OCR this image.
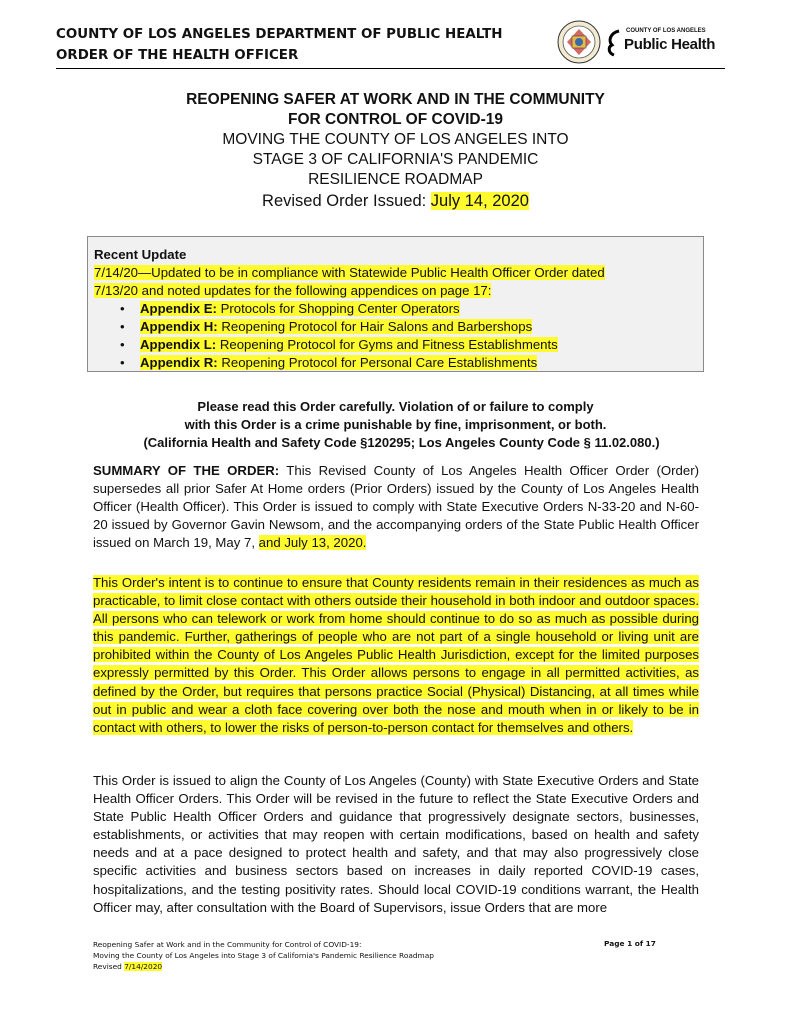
COUNTY OF LOS ANGELES DEPARTMENT OF PUBLIC HEALTH
ORDER OF THE HEALTH OFFICER
COUNTY OF LOS ANGELES
Public Health
REOPENING SAFER AT WORK AND IN THE COMMUNITY
FOR CONTROL OF COVID-19
MOVING THE COUNTY OF LOS ANGELES INTO
STAGE 3 OF CALIFORNIA'S PANDEMIC
RESILIENCE ROADMAP
Revised Order Issued: July 14, 2020
Recent Update
7/14/20—Updated to be in compliance with Statewide Public Health Officer Order dated
7/13/20 and noted updates for the following appendices on page 17:
• Appendix E: Protocols for Shopping Center Operators
• Appendix H: Reopening Protocol for Hair Salons and Barbershops
• Appendix L: Reopening Protocol for Gyms and Fitness Establishments
• Appendix R: Reopening Protocol for Personal Care Establishments
Please read this Order carefully. Violation of or failure to comply
with this Order is a crime punishable by fine, imprisonment, or both.
(California Health and Safety Code §120295; Los Angeles County Code § 11.02.080.)
SUMMARY OF THE ORDER: This Revised County of Los Angeles Health Officer Order (Order) supersedes all prior Safer At Home orders (Prior Orders) issued by the County of Los Angeles Health Officer (Health Officer). This Order is issued to comply with State Executive Orders N-33-20 and N-60-20 issued by Governor Gavin Newsom, and the accompanying orders of the State Public Health Officer issued on March 19, May 7, and July 13, 2020.
This Order's intent is to continue to ensure that County residents remain in their residences as much as practicable, to limit close contact with others outside their household in both indoor and outdoor spaces. All persons who can telework or work from home should continue to do so as much as possible during this pandemic. Further, gatherings of people who are not part of a single household or living unit are prohibited within the County of Los Angeles Public Health Jurisdiction, except for the limited purposes expressly permitted by this Order. This Order allows persons to engage in all permitted activities, as defined by the Order, but requires that persons practice Social (Physical) Distancing, at all times while out in public and wear a cloth face covering over both the nose and mouth when in or likely to be in contact with others, to lower the risks of person-to-person contact for themselves and others.
This Order is issued to align the County of Los Angeles (County) with State Executive Orders and State Health Officer Orders. This Order will be revised in the future to reflect the State Executive Orders and State Public Health Officer Orders and guidance that progressively designate sectors, businesses, establishments, or activities that may reopen with certain modifications, based on health and safety needs and at a pace designed to protect health and safety, and that may also progressively close specific activities and business sectors based on increases in daily reported COVID-19 cases, hospitalizations, and the testing positivity rates. Should local COVID-19 conditions warrant, the Health Officer may, after consultation with the Board of Supervisors, issue Orders that are more
Reopening Safer at Work and in the Community for Control of COVID-19:
Moving the County of Los Angeles into Stage 3 of California's Pandemic Resilience Roadmap
Revised 7/14/2020
Page 1 of 17
